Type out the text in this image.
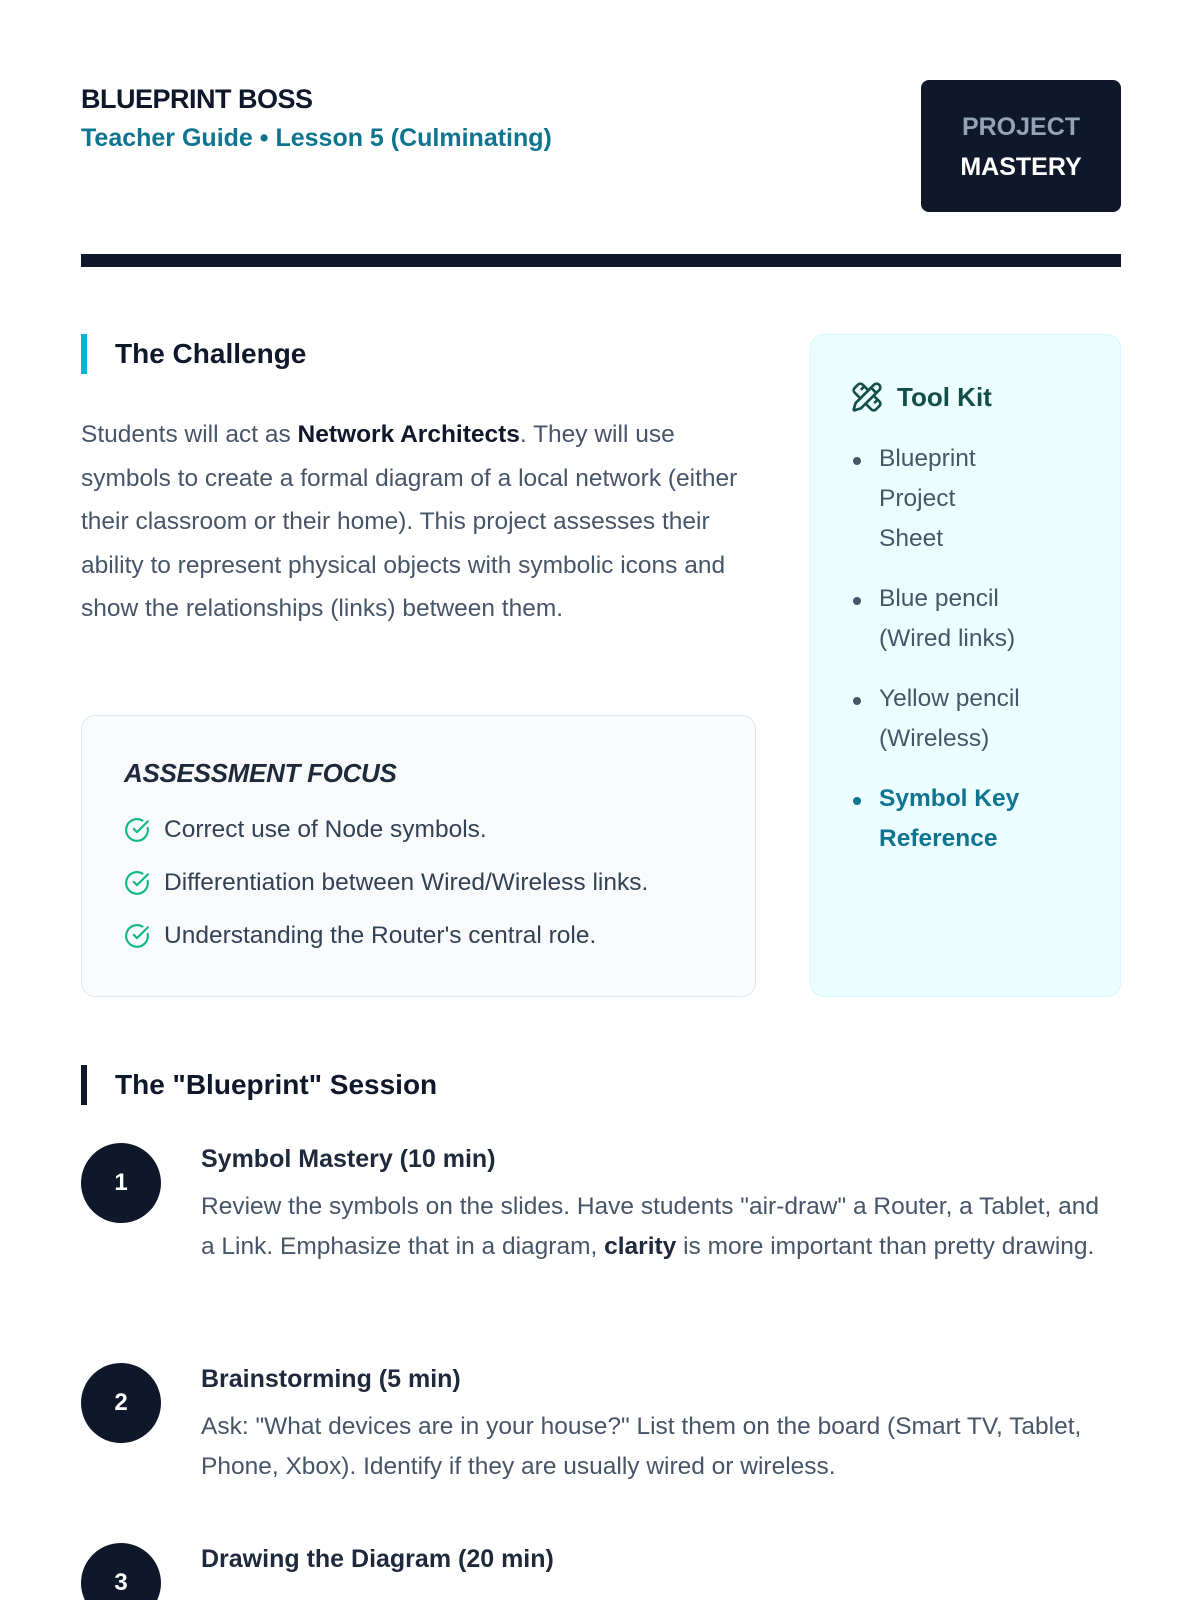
BLUEPRINT BOSS
Teacher Guide • Lesson 5 (Culminating)	PROJECT
MASTERY
The Challenge

Students will act as Network Architects. They will use symbols to create a formal diagram of a local network (either their classroom or their home). This project assesses their ability to represent physical objects with symbolic icons and show the relationships (links) between them.

ASSESSMENT FOCUS
Correct use of Node symbols.
Differentiation between Wired/Wireless links.
Understanding the Router's central role.
Tool Kit
Blueprint Project Sheet
Blue pencil (Wired links)
Yellow pencil (Wireless)
Symbol Key Reference
The "Blueprint" Session
1
Symbol Mastery (10 min)

Review the symbols on the slides. Have students "air-draw" a Router, a Tablet, and a Link. Emphasize that in a diagram, clarity is more important than pretty drawing.

2
Brainstorming (5 min)

Ask: "What devices are in your house?" List them on the board (Smart TV, Tablet, Phone, Xbox). Identify if they are usually wired or wireless.

3
Drawing the Diagram (20 min)
